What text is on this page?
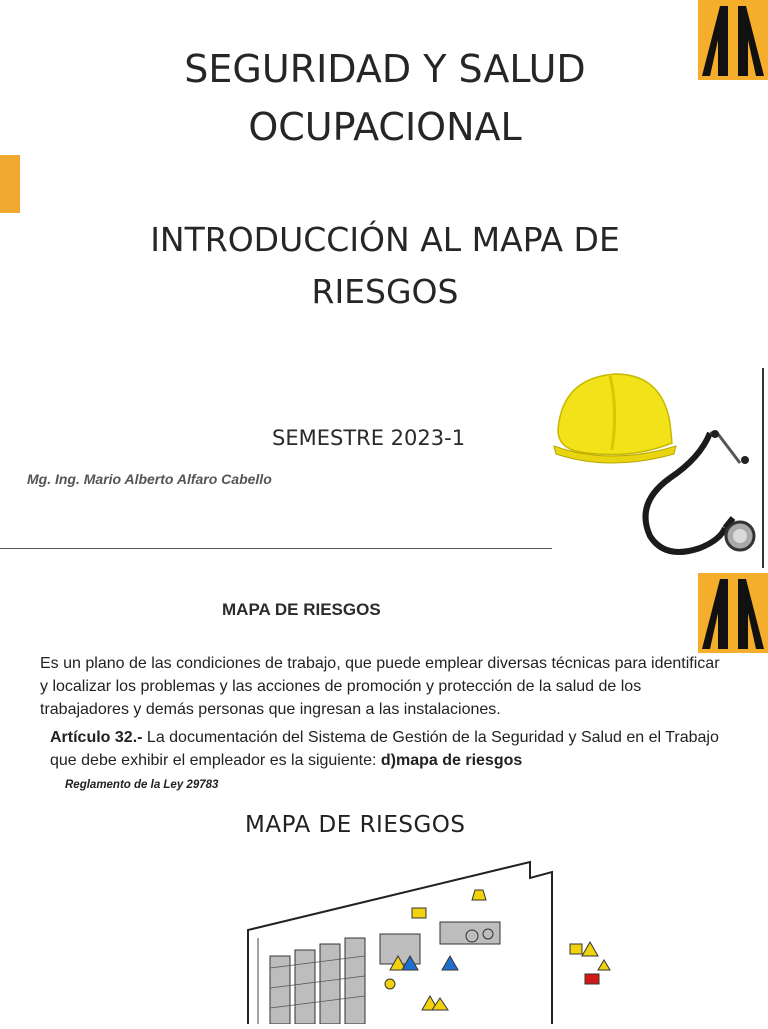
SEGURIDAD Y SALUD
OCUPACIONAL
INTRODUCCIÓN AL MAPA DE
RIESGOS
SEMESTRE 2023-1
Mg. Ing. Mario Alberto Alfaro Cabello
MAPA DE RIESGOS
Es un plano de las condiciones de trabajo, que puede emplear diversas técnicas para identificar y localizar los problemas y las acciones de promoción y protección de la salud de los trabajadores y demás personas que ingresan a las instalaciones.
Artículo 32.- La documentación del Sistema de Gestión de la Seguridad y Salud en el Trabajo que debe exhibir el empleador es la siguiente: d)mapa de riesgos
Reglamento de la Ley 29783
MAPA DE RIESGOS
